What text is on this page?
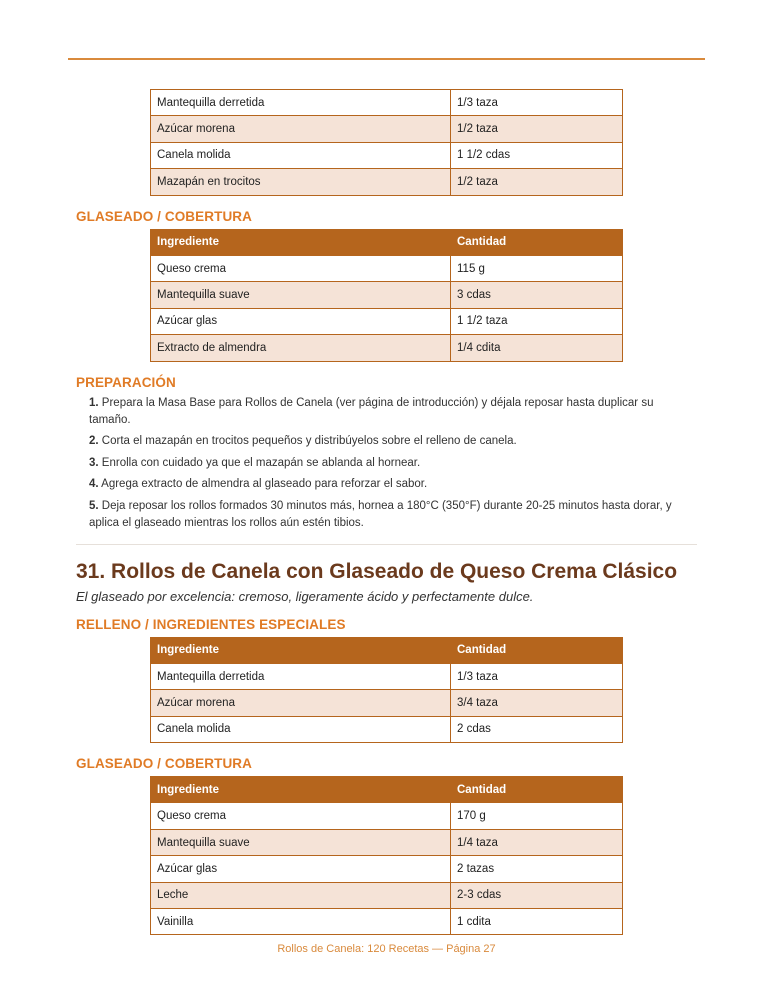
Mantequilla derretida	1/3 taza
Azúcar morena	1/2 taza
Canela molida	1 1/2 cdas
Mazapán en trocitos	1/2 taza
GLASEADO / COBERTURA
Ingrediente	Cantidad
Queso crema	115 g
Mantequilla suave	3 cdas
Azúcar glas	1 1/2 taza
Extracto de almendra	1/4 cdita
PREPARACIÓN
1. Prepara la Masa Base para Rollos de Canela (ver página de introducción) y déjala reposar hasta duplicar su tamaño.
2. Corta el mazapán en trocitos pequeños y distribúyelos sobre el relleno de canela.
3. Enrolla con cuidado ya que el mazapán se ablanda al hornear.
4. Agrega extracto de almendra al glaseado para reforzar el sabor.
5. Deja reposar los rollos formados 30 minutos más, hornea a 180°C (350°F) durante 20-25 minutos hasta dorar, y aplica el glaseado mientras los rollos aún estén tibios.
31. Rollos de Canela con Glaseado de Queso Crema Clásico
El glaseado por excelencia: cremoso, ligeramente ácido y perfectamente dulce.
RELLENO / INGREDIENTES ESPECIALES
Ingrediente	Cantidad
Mantequilla derretida	1/3 taza
Azúcar morena	3/4 taza
Canela molida	2 cdas
GLASEADO / COBERTURA
Ingrediente	Cantidad
Queso crema	170 g
Mantequilla suave	1/4 taza
Azúcar glas	2 tazas
Leche	2-3 cdas
Vainilla	1 cdita
Rollos de Canela: 120 Recetas — Página 27
